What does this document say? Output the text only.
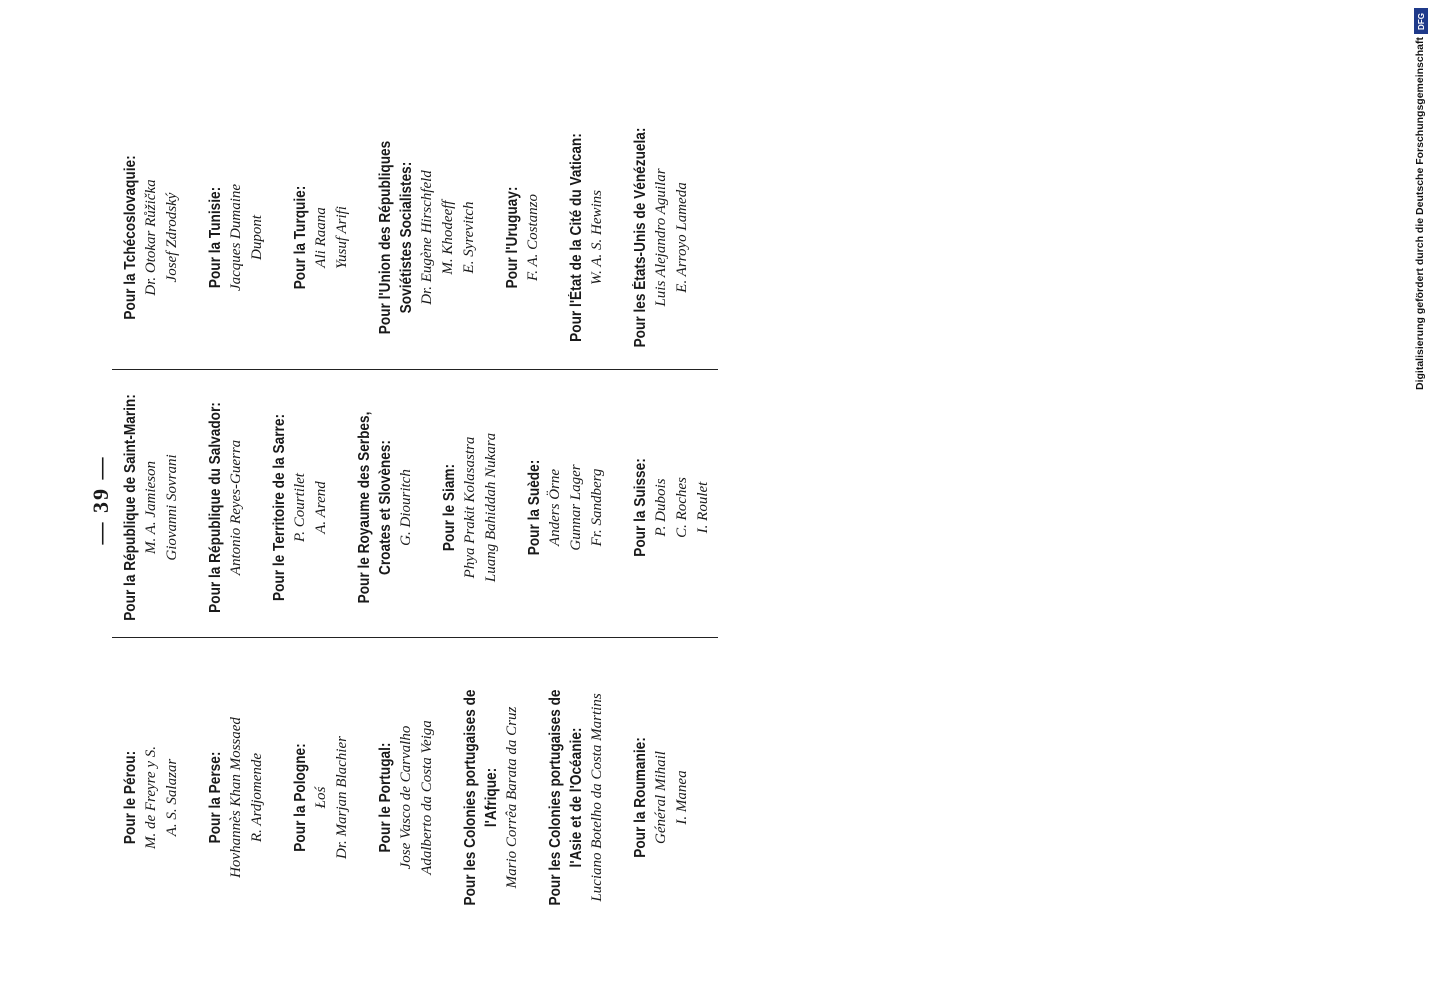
— 39 —
Pour le Pérou: M. de Freyre y S. A. S. Salazar Pour la Perse: Hovhannès Khan Mossaed R. Ardjomende Pour la Pologne: Łoś Dr. Marjan Blachier Pour le Portugal: Jose Vasco de Carvalho Adalberto da Costa Veiga Pour les Colonies portugaises de l'Afrique: Mario Corrêa Barata da Cruz Pour les Colonies portugaises de l'Asie et de l'Océanie: Luciano Botelho da Costa Martins Pour la Roumanie: Général Mihail I. Manea
Pour la République de Saint-Marin: M. A. Jamieson Giovanni Sovrani Pour la République du Salvador: Antonio Reyes-Guerra Pour le Territoire de la Sarre: P. Courtilet A. Arend Pour le Royaume des Serbes, Croates et Slovènes: G. Diouritch Pour le Siam: Phya Prakit Kolasastra Luang Bahiddah Nukara Pour la Suède: Anders Örne Gunnar Lager Fr. Sandberg Pour la Suisse: P. Dubois C. Roches I. Roulet
Pour la Tchécoslovaquie: Dr. Otokar Růžička Josef Zdrodský Pour la Tunisie: Jacques Dumaine Dupont Pour la Turquie: Ali Raana Yusuf Arifi Pour l'Union des Républiques Soviétistes Socialistes: Dr. Eugène Hirschfeld M. Khodeeff E. Syrevitch Pour l'Uruguay: F. A. Costanzo Pour l'État de la Cité du Vatican: W. A. S. Hewins Pour les États-Unis de Vénézuela: Luis Alejandro Aguilar E. Arroyo Lameda	Digitalisierung gefördert durch die Deutsche Forschungsgemeinschaft
DFG
